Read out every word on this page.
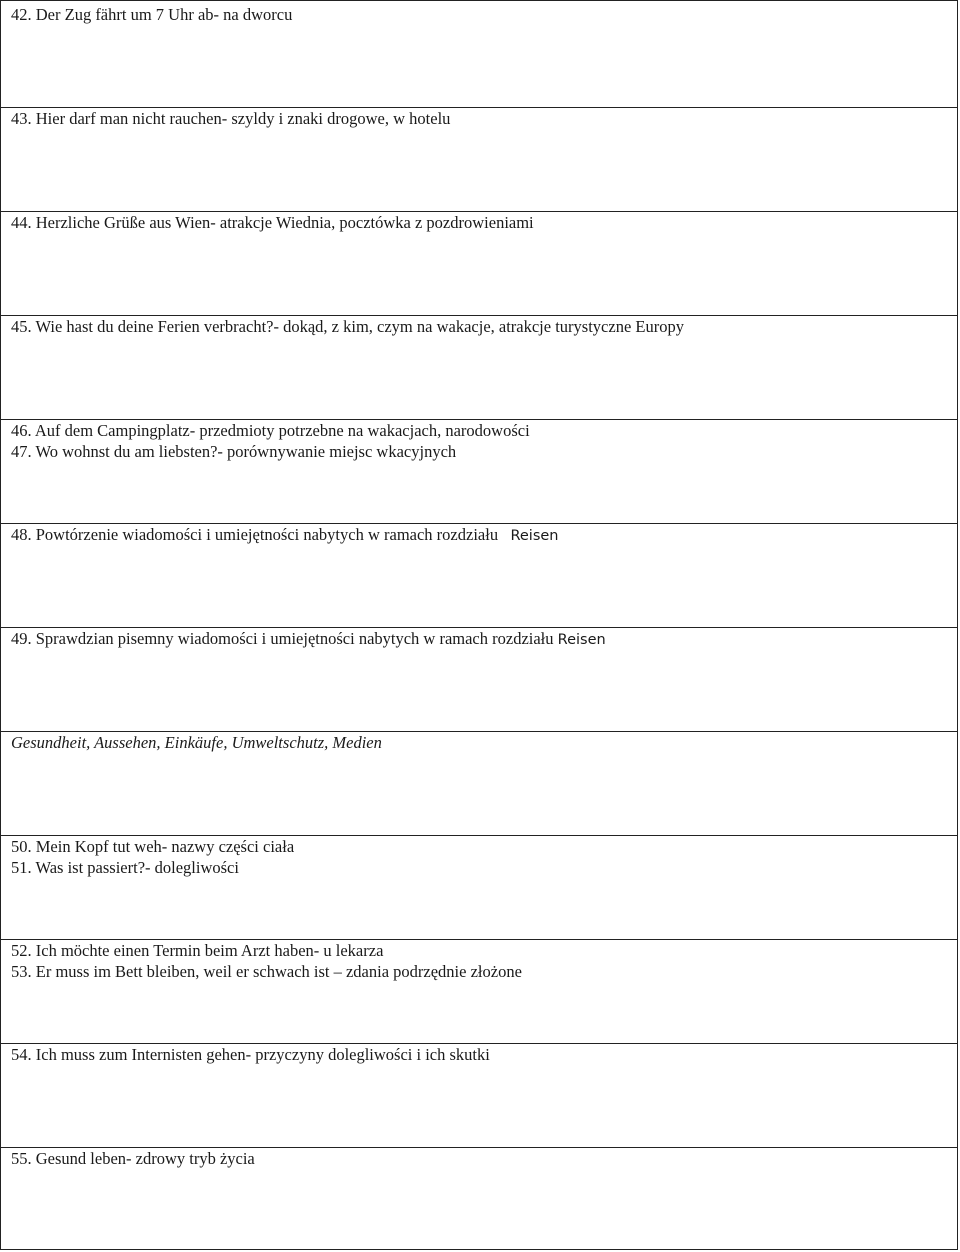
42. Der Zug fährt um 7 Uhr ab- na dworcu
43. Hier darf man nicht rauchen- szyldy i znaki drogowe, w hotelu
44. Herzliche Grüße aus Wien- atrakcje Wiednia, pocztówka z pozdrowieniami
45. Wie hast du deine Ferien verbracht?- dokąd, z kim, czym na wakacje, atrakcje turystyczne Europy
46. Auf dem Campingplatz- przedmioty potrzebne na wakacjach, narodowości
47. Wo wohnst du am liebsten?- porównywanie miejsc wkacyjnych
48. Powtórzenie wiadomości i umiejętności nabytych w ramach rozdziału Reisen
49. Sprawdzian pisemny wiadomości i umiejętności nabytych w ramach rozdziału Reisen
Gesundheit, Aussehen, Einkäufe, Umweltschutz, Medien
50. Mein Kopf tut weh- nazwy części ciała
51. Was ist passiert?- dolegliwości
52. Ich möchte einen Termin beim Arzt haben- u lekarza
53. Er muss im Bett bleiben, weil er schwach ist – zdania podrzędnie złożone
54. Ich muss zum Internisten gehen- przyczyny dolegliwości i ich skutki
55. Gesund leben- zdrowy tryb życia
